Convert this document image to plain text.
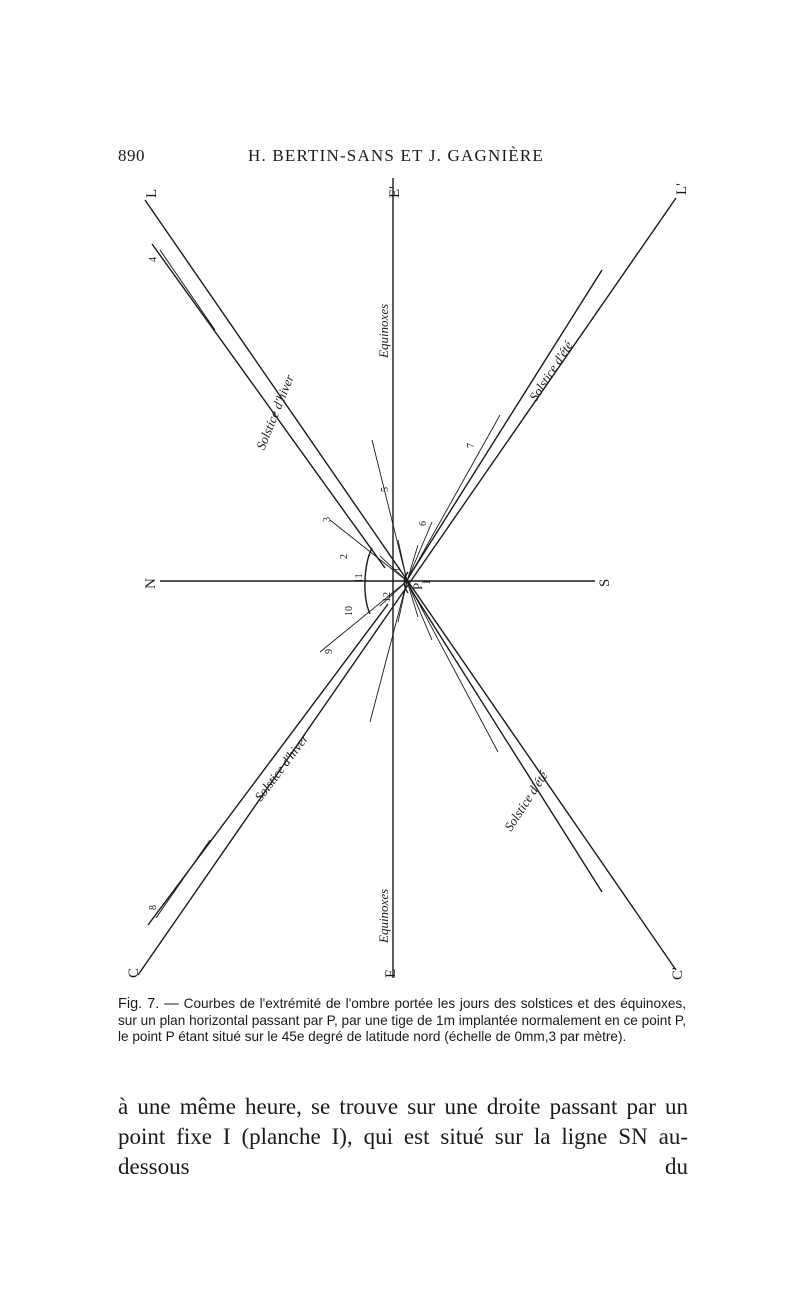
890	H. BERTIN-SANS ET J. GAGNIÈRE
L	L'
E'
E
N	S
C	C'
P
I
Equinoxes
Equinoxes
Solstice d'été
Solstice d'été
Solstice d'hiver
Solstice d'hiver
4
3
5
6
7
9
10
11
12
8
1
2
Fig. 7. — Courbes de l'extrémité de l'ombre portée les jours des solstices et des équinoxes, sur un plan horizontal passant par P, par une tige de 1m implantée normalement en ce point P, le point P étant situé sur le 45e degré de latitude nord (échelle de 0mm,3 par mètre).
à une même heure, se trouve sur une droite passant par un point fixe I (planche I), qui est situé sur la ligne SN au-dessous du
